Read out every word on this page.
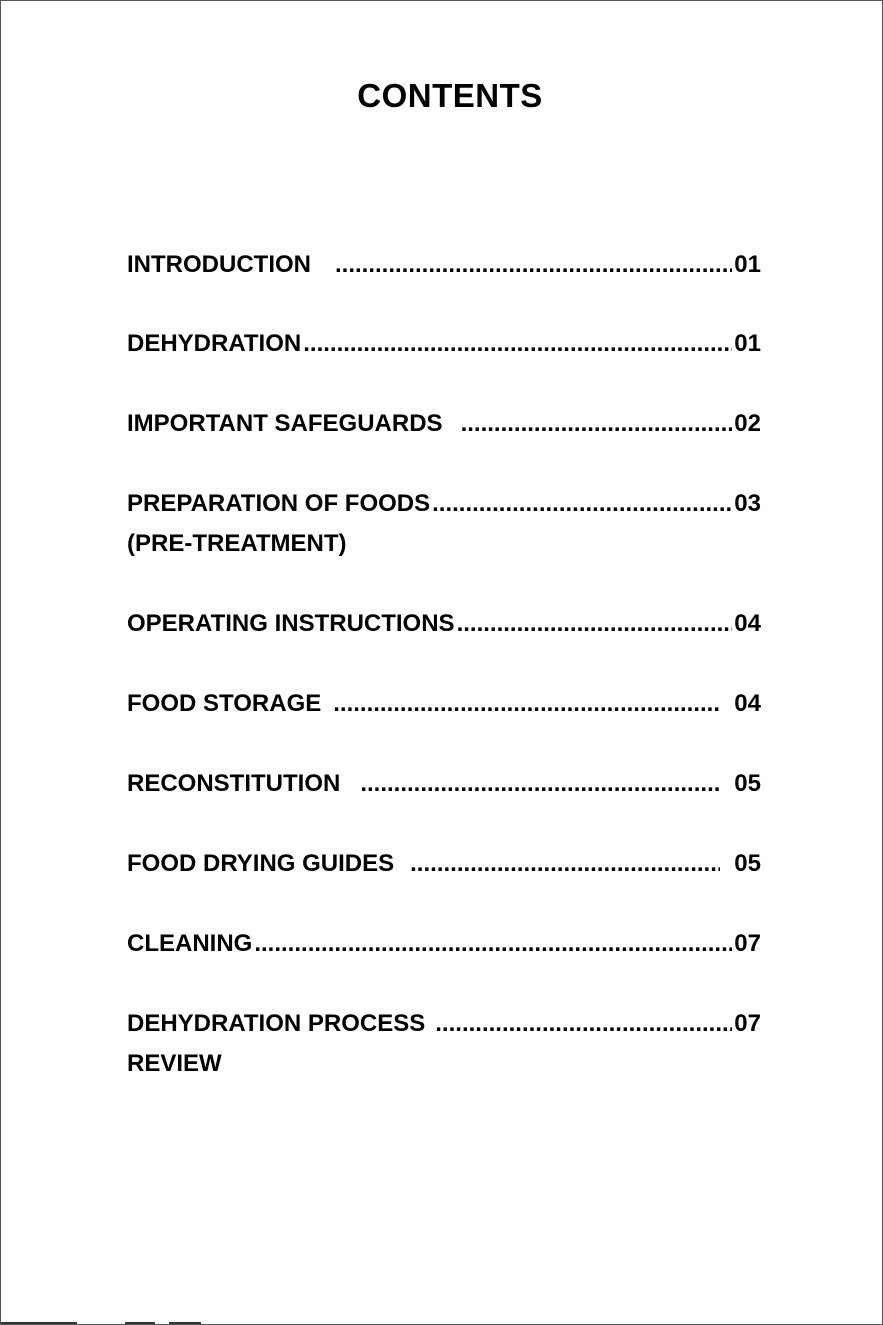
CONTENTS
INTRODUCTION .....	01
DEHYDRATION .....	01
IMPORTANT SAFEGUARDS .....	02
PREPARATION OF FOODS .....	03
(PRE-TREATMENT)
OPERATING INSTRUCTIONS .....	04
FOOD STORAGE .....	04
RECONSTITUTION .....	05
FOOD DRYING GUIDES .....	05
CLEANING .....	07
DEHYDRATION PROCESS .....	07
REVIEW
